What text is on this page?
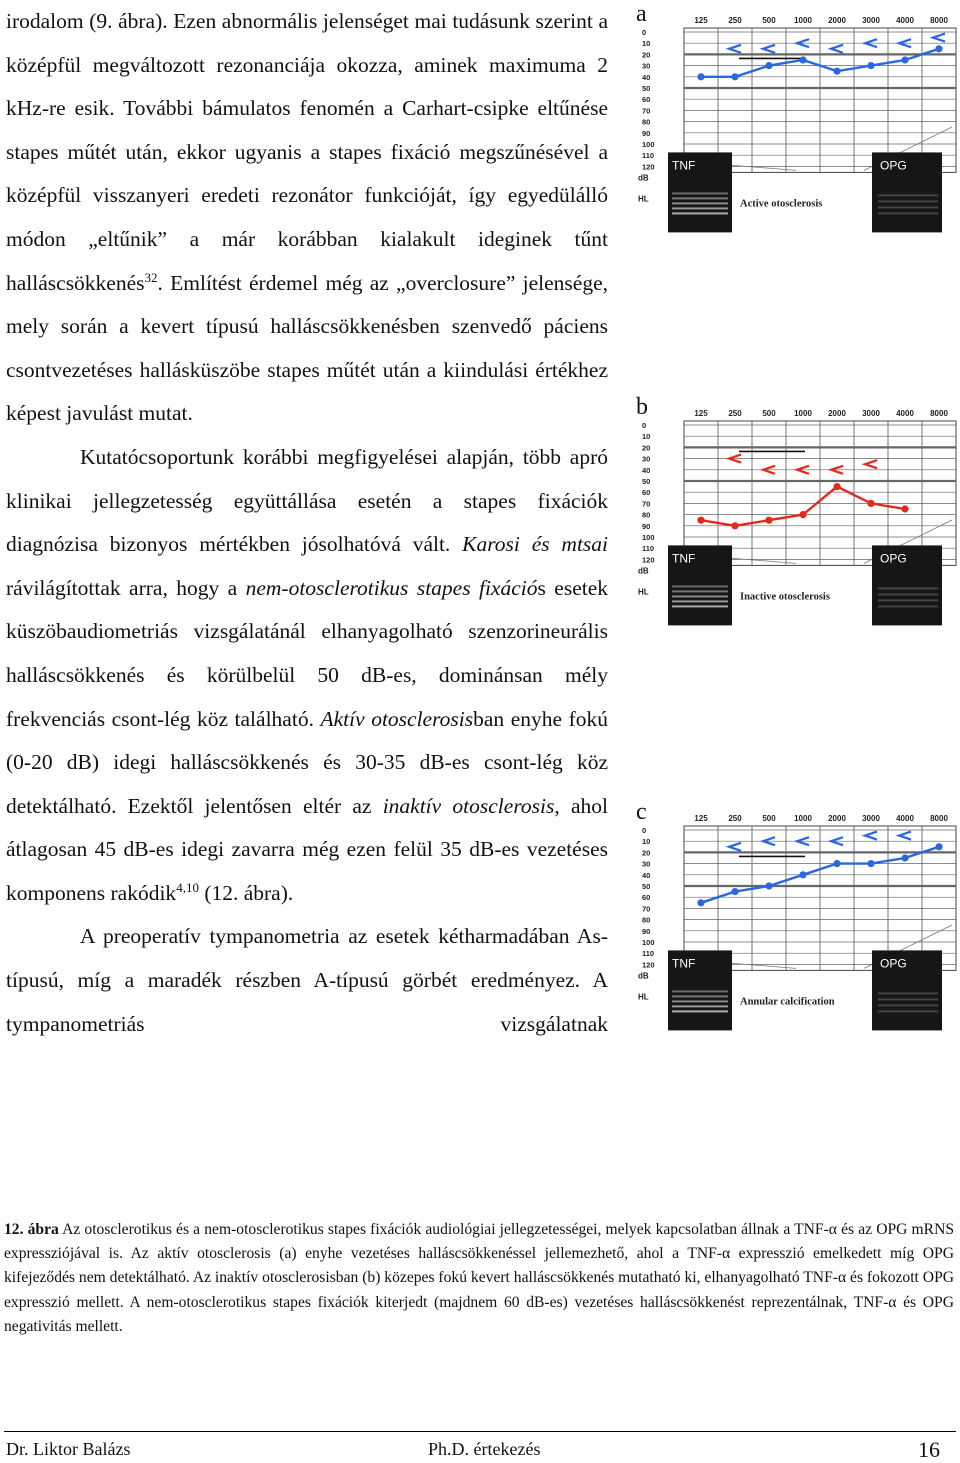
irodalom (9. ábra). Ezen abnormális jelenséget mai tudásunk szerint a középfül megváltozott rezonanciája okozza, aminek maximuma 2 kHz-re esik. További bámulatos fenomén a Carhart-csipke eltűnése stapes műtét után, ekkor ugyanis a stapes fixáció megszűnésével a középfül visszanyeri eredeti rezonátor funkcióját, így egyedülálló módon „eltűnik” a már korábban kialakult ideginek tűnt halláscsökkenés$^{32}$. Említést érdemel még az „overclosure” jelensége, mely során a kevert típusú halláscsökkenésben szenvedő páciens csontvezetéses hallásküszöbe stapes műtét után a kiindulási értékhez képest javulást mutat.

Kutatócsoportunk korábbi megfigyelései alapján, több apró klinikai jellegzetesség együttállása esetén a stapes fixációk diagnózisa bizonyos mértékben jósolhatóvá vált. Karosi és mtsai rávilágítottak arra, hogy a nem-otosclerotikus stapes fixációs esetek küszöbaudiometriás vizsgálatánál elhanyagolható szenzorineurális halláscsökkenés és körülbelül 50 dB-es, dominánsan mély frekvenciás csont-lég köz található. Aktív otosclerosisban enyhe fokú (0-20 dB) idegi halláscsökkenés és 30-35 dB-es csont-lég köz detektálható. Ezektől jelentősen eltér az inaktív otosclerosis, ahol átlagosan 45 dB-es idegi zavarra még ezen felül 35 dB-es vezetéses komponens rakódik$^{4,10}$ (12. ábra).

A preoperatív tympanometria az esetek kétharmadában As-típusú, míg a maradék részben A-típusú görbét eredményez. A tympanometriás vizsgálatnak

a	125	250	500 1000 2000 3000 4000 8000
0
10
20
30
40
50
60
70
80
90
100
110
120
dB
HL
TNF	OPG
Active otosclerosis
b	125	250	500 1000 2000 3000 4000 8000
0
10
20
30
40
50
60
70
80
90
100
110
120
dB
HL
TNF	OPG
Inactive otosclerosis
c	125	250	500 1000 2000 3000 4000 8000
0
10
20
30
40
50
60
70
80
90
100
110
120
dB
HL
TNF	OPG
Annular calcification

12. ábra Az otosclerotikus és a nem-otosclerotikus stapes fixációk audiológiai jellegzetességei, melyek kapcsolatban állnak a TNF-α és az OPG mRNS expressziójával is. Az aktív otosclerosis (a) enyhe vezetéses halláscsökkenéssel jellemezhető, ahol a TNF-α expresszió emelkedett míg OPG kifejeződés nem detektálható. Az inaktív otosclerosisban (b) közepes fokú kevert halláscsökkenés mutatható ki, elhanyagolható TNF-α és fokozott OPG expresszió mellett. A nem-otosclerotikus stapes fixációk kiterjedt (majdnem 60 dB-es) vezetéses halláscsökkenést reprezentálnak, TNF-α és OPG negativitás mellett.

Dr. Liktor Balázs	Ph.D. értekezés	16
